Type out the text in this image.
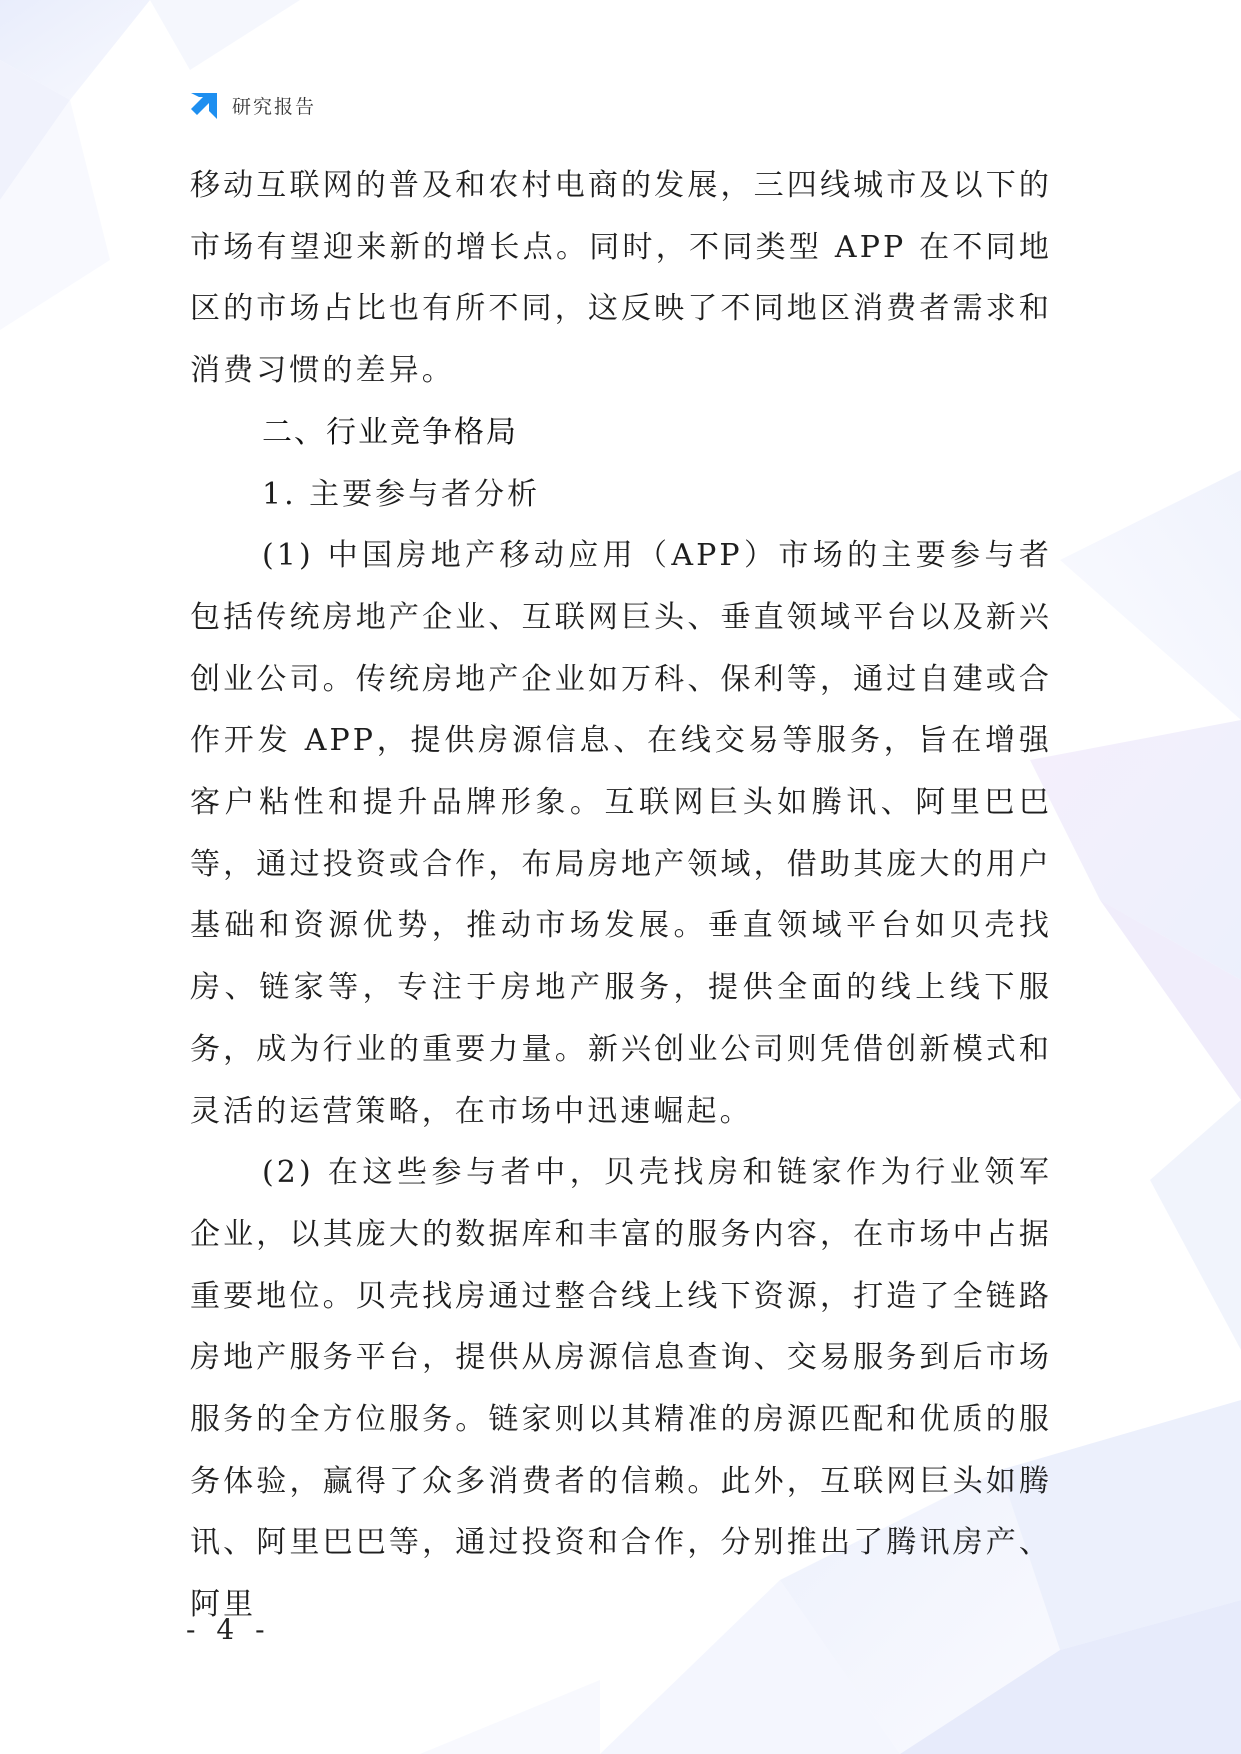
研究报告

移动互联网的普及和农村电商的发展，三四线城市及以下的市场有望迎来新的增长点。同时，不同类型 APP 在不同地区的市场占比也有所不同，这反映了不同地区消费者需求和消费习惯的差异。

二、行业竞争格局
1. 主要参与者分析

(1) 中国房地产移动应用（APP）市场的主要参与者包括传统房地产企业、互联网巨头、垂直领域平台以及新兴创业公司。传统房地产企业如万科、保利等，通过自建或合作开发 APP，提供房源信息、在线交易等服务，旨在增强客户粘性和提升品牌形象。互联网巨头如腾讯、阿里巴巴等，通过投资或合作，布局房地产领域，借助其庞大的用户基础和资源优势，推动市场发展。垂直领域平台如贝壳找房、链家等，专注于房地产服务，提供全面的线上线下服务，成为行业的重要力量。新兴创业公司则凭借创新模式和灵活的运营策略，在市场中迅速崛起。

(2) 在这些参与者中，贝壳找房和链家作为行业领军企业，以其庞大的数据库和丰富的服务内容，在市场中占据重要地位。贝壳找房通过整合线上线下资源，打造了全链路房地产服务平台，提供从房源信息查询、交易服务到后市场服务的全方位服务。链家则以其精准的房源匹配和优质的服务体验，赢得了众多消费者的信赖。此外，互联网巨头如腾讯、阿里巴巴等，通过投资和合作，分别推出了腾讯房产、阿里

- 4 -
